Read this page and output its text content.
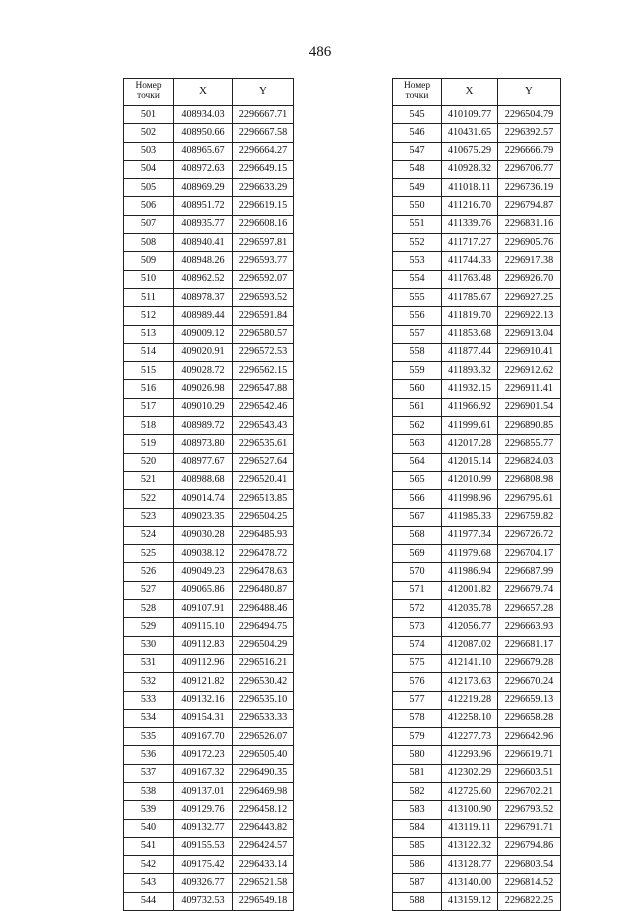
486
Номер
точки	X	Y
501	408934.03	2296667.71
502	408950.66	2296667.58
503	408965.67	2296664.27
504	408972.63	2296649.15
505	408969.29	2296633.29
506	408951.72	2296619.15
507	408935.77	2296608.16
508	408940.41	2296597.81
509	408948.26	2296593.77
510	408962.52	2296592.07
511	408978.37	2296593.52
512	408989.44	2296591.84
513	409009.12	2296580.57
514	409020.91	2296572.53
515	409028.72	2296562.15
516	409026.98	2296547.88
517	409010.29	2296542.46
518	408989.72	2296543.43
519	408973.80	2296535.61
520	408977.67	2296527.64
521	408988.68	2296520.41
522	409014.74	2296513.85
523	409023.35	2296504.25
524	409030.28	2296485.93
525	409038.12	2296478.72
526	409049.23	2296478.63
527	409065.86	2296480.87
528	409107.91	2296488.46
529	409115.10	2296494.75
530	409112.83	2296504.29
531	409112.96	2296516.21
532	409121.82	2296530.42
533	409132.16	2296535.10
534	409154.31	2296533.33
535	409167.70	2296526.07
536	409172.23	2296505.40
537	409167.32	2296490.35
538	409137.01	2296469.98
539	409129.76	2296458.12
540	409132.77	2296443.82
541	409155.53	2296424.57
542	409175.42	2296433.14
543	409326.77	2296521.58
544	409732.53	2296549.18
Номер
точки	X	Y
545	410109.77	2296504.79
546	410431.65	2296392.57
547	410675.29	2296666.79
548	410928.32	2296706.77
549	411018.11	2296736.19
550	411216.70	2296794.87
551	411339.76	2296831.16
552	411717.27	2296905.76
553	411744.33	2296917.38
554	411763.48	2296926.70
555	411785.67	2296927.25
556	411819.70	2296922.13
557	411853.68	2296913.04
558	411877.44	2296910.41
559	411893.32	2296912.62
560	411932.15	2296911.41
561	411966.92	2296901.54
562	411999.61	2296890.85
563	412017.28	2296855.77
564	412015.14	2296824.03
565	412010.99	2296808.98
566	411998.96	2296795.61
567	411985.33	2296759.82
568	411977.34	2296726.72
569	411979.68	2296704.17
570	411986.94	2296687.99
571	412001.82	2296679.74
572	412035.78	2296657.28
573	412056.77	2296663.93
574	412087.02	2296681.17
575	412141.10	2296679.28
576	412173.63	2296670.24
577	412219.28	2296659.13
578	412258.10	2296658.28
579	412277.73	2296642.96
580	412293.96	2296619.71
581	412302.29	2296603.51
582	412725.60	2296702.21
583	413100.90	2296793.52
584	413119.11	2296791.71
585	413122.32	2296794.86
586	413128.77	2296803.54
587	413140.00	2296814.52
588	413159.12	2296822.25
